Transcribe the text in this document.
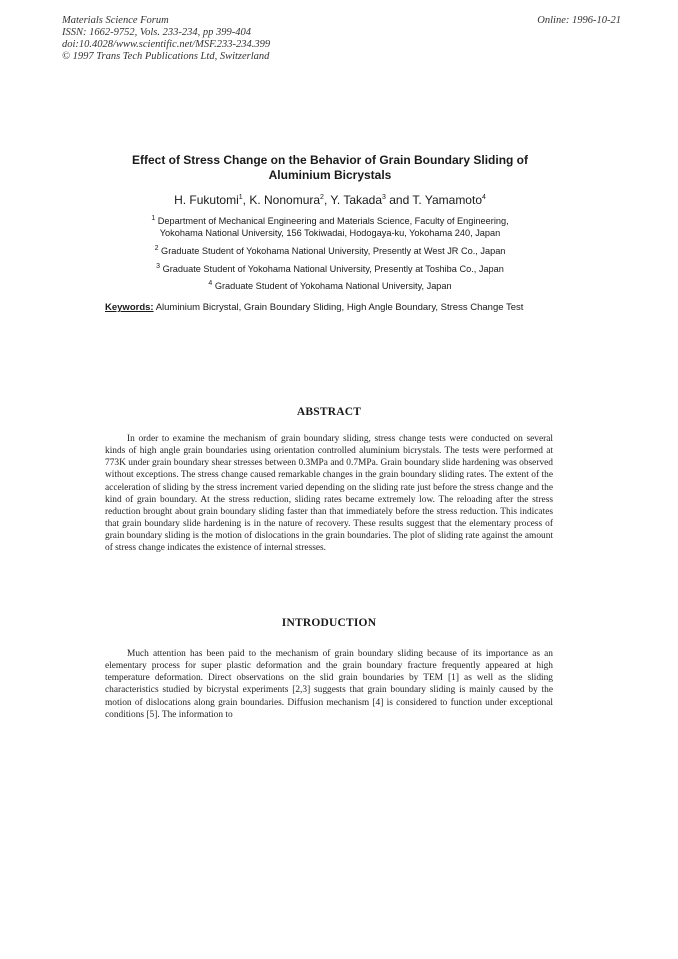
Materials Science Forum
ISSN: 1662-9752, Vols. 233-234, pp 399-404
doi:10.4028/www.scientific.net/MSF.233-234.399
© 1997 Trans Tech Publications Ltd, Switzerland
Online: 1996-10-21
Effect of Stress Change on the Behavior of Grain Boundary Sliding of
Aluminium Bicrystals
H. Fukutomi$^1$, K. Nonomura$^2$, Y. Takada$^3$ and T. Yamamoto$^4$
$^1$ Department of Mechanical Engineering and Materials Science, Faculty of Engineering,
Yokohama National University, 156 Tokiwadai, Hodogaya-ku, Yokohama 240, Japan
$^2$ Graduate Student of Yokohama National University, Presently at West JR Co., Japan
$^3$ Graduate Student of Yokohama National University, Presently at Toshiba Co., Japan
$^4$ Graduate Student of Yokohama National University, Japan
Keywords: Aluminium Bicrystal, Grain Boundary Sliding, High Angle Boundary, Stress Change Test
ABSTRACT
In order to examine the mechanism of grain boundary sliding, stress change tests were conducted on several kinds of high angle grain boundaries using orientation controlled aluminium bicrystals. The tests were performed at 773K under grain boundary shear stresses between 0.3MPa and 0.7MPa. Grain boundary slide hardening was observed without exceptions. The stress change caused remarkable changes in the grain boundary sliding rates. The extent of the acceleration of sliding by the stress increment varied depending on the sliding rate just before the stress change and the kind of grain boundary. At the stress reduction, sliding rates became extremely low. The reloading after the stress reduction brought about grain boundary sliding faster than that immediately before the stress reduction. This indicates that grain boundary slide hardening is in the nature of recovery. These results suggest that the elementary process of grain boundary sliding is the motion of dislocations in the grain boundaries. The plot of sliding rate against the amount of stress change indicates the existence of internal stresses.
INTRODUCTION
Much attention has been paid to the mechanism of grain boundary sliding because of its importance as an elementary process for super plastic deformation and the grain boundary fracture frequently appeared at high temperature deformation. Direct observations on the slid grain boundaries by TEM [1] as well as the sliding characteristics studied by bicrystal experiments [2,3] suggests that grain boundary sliding is mainly caused by the motion of dislocations along grain boundaries. Diffusion mechanism [4] is considered to function under exceptional conditions [5]. The information to
